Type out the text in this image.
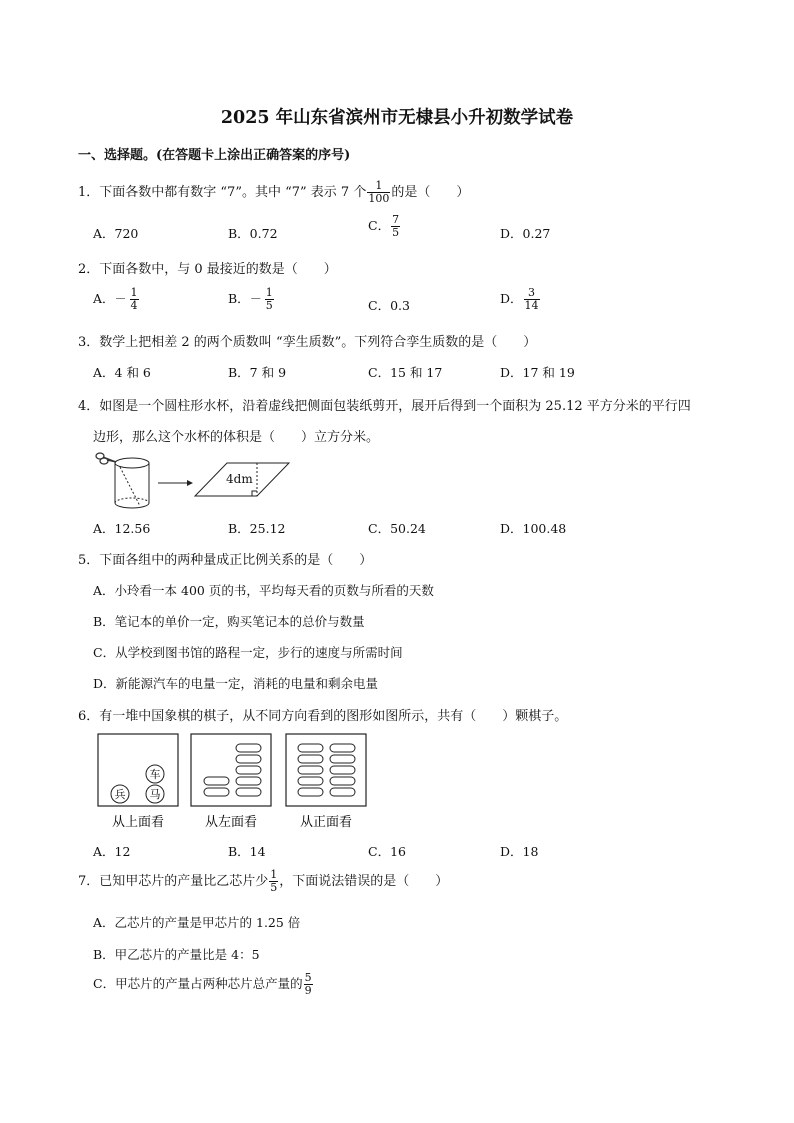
2025 年山东省滨州市无棣县小升初数学试卷
一、选择题。(在答题卡上涂出正确答案的序号)
1．下面各数中都有数字 “7”。其中 “7” 表示 7 个 $\frac{1}{100}$ 的是（　　）
A．720	B．0.72
C． $\frac{7}{5}$	D．0.27
2．下面各数中，与 0 最接近的数是（　　）
A．－ $\frac{1}{4}$	B．－ $\frac{1}{5}$	C．0.3	D． $\frac{3}{14}$
3．数学上把相差 2 的两个质数叫 “孪生质数”。下列符合孪生质数的是（　　）
A．4 和 6	B．7 和 9	C．15 和 17	D．17 和 19
4．如图是一个圆柱形水杯，沿着虚线把侧面包装纸剪开，展开后得到一个面积为 25.12 平方分米的平行四
边形，那么这个水杯的体积是（　　）立方分米。
4dm
A．12.56	B．25.12	C．50.24	D．100.48
5．下面各组中的两种量成正比例关系的是（　　）
A．小玲看一本 400 页的书，平均每天看的页数与所看的天数
B．笔记本的单价一定，购买笔记本的总价与数量
C．从学校到图书馆的路程一定，步行的速度与所需时间
D．新能源汽车的电量一定，消耗的电量和剩余电量
6．有一堆中国象棋的棋子，从不同方向看到的图形如图所示，共有（　　）颗棋子。
车
兵 马
从上面看	从左面看	从正面看
A．12	B．14	C．16	D．18
7．已知甲芯片的产量比乙芯片少 $\frac{1}{5}$ ，下面说法错误的是（　　）
A．乙芯片的产量是甲芯片的 1.25 倍
B．甲乙芯片的产量比是 4：5
C．甲芯片的产量占两种芯片总产量的 $\frac{5}{9}$
